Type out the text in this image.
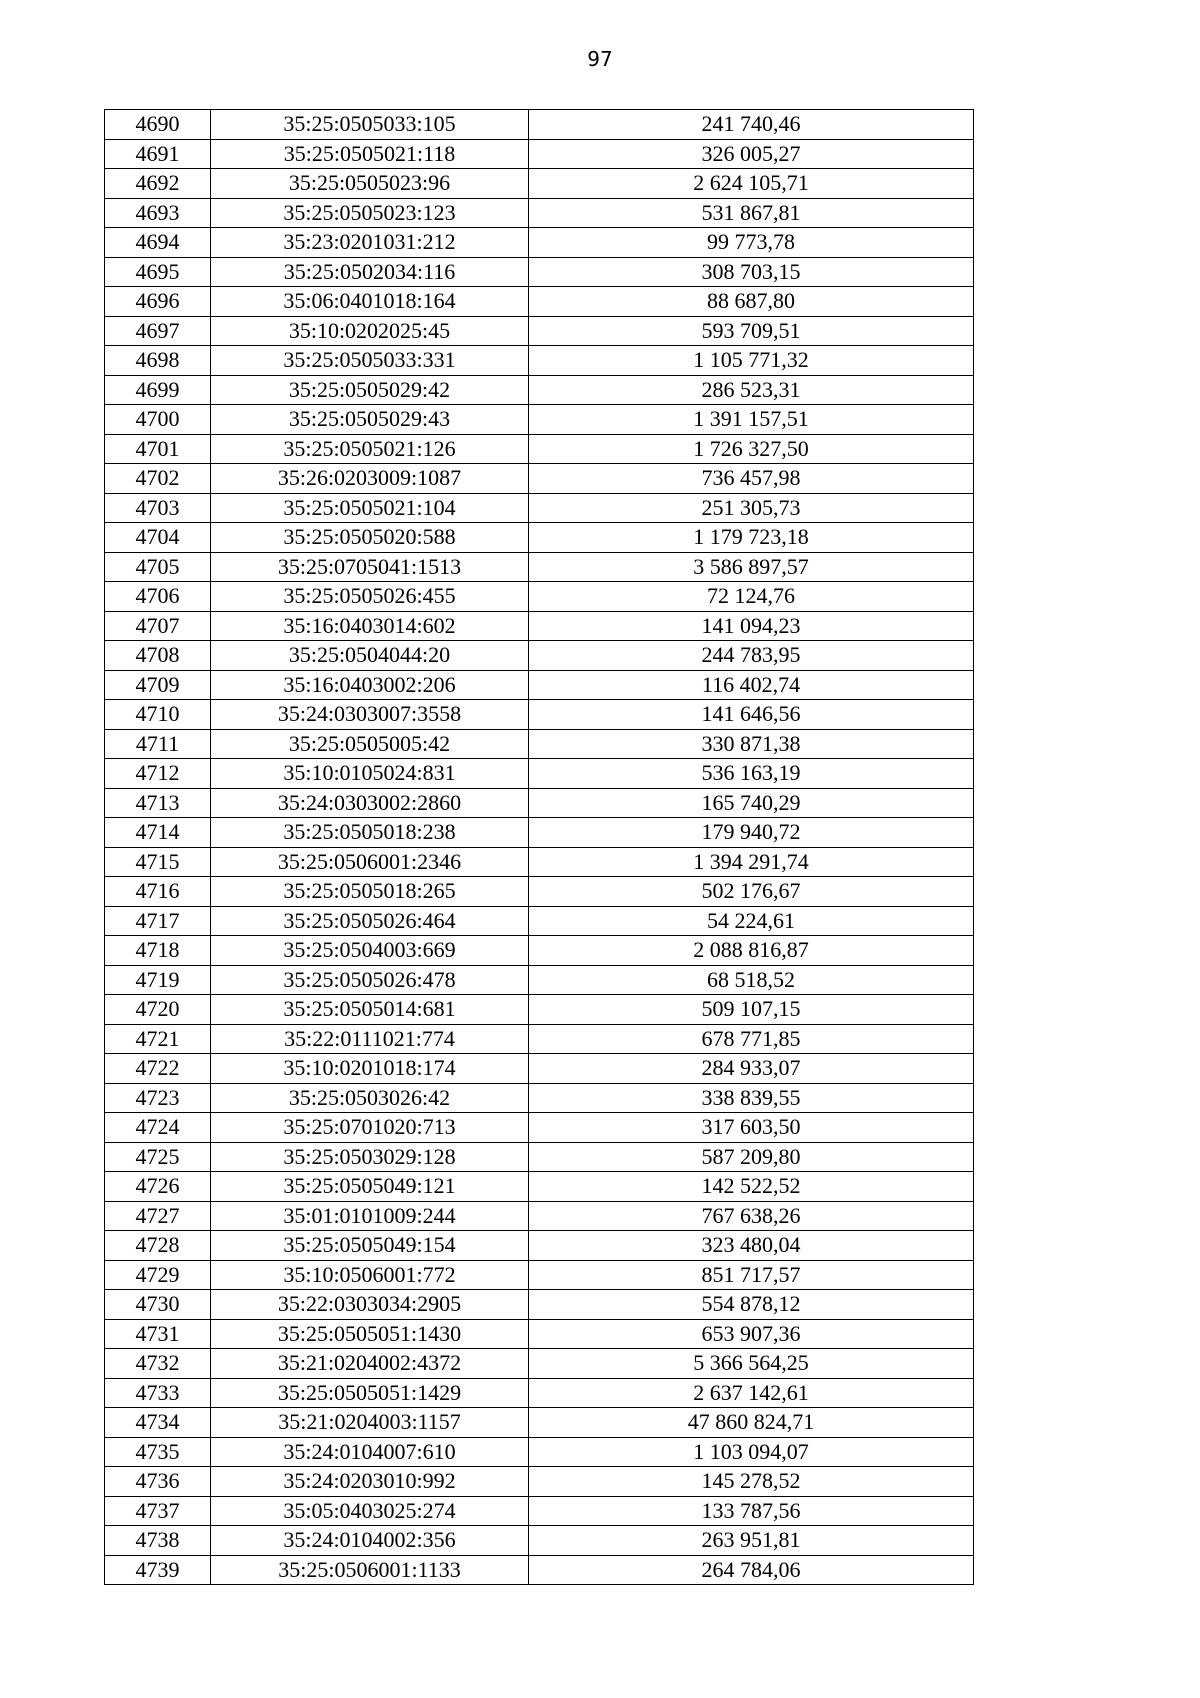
97
4690	35:25:0505033:105	241 740,46
4691	35:25:0505021:118	326 005,27
4692	35:25:0505023:96	2 624 105,71
4693	35:25:0505023:123	531 867,81
4694	35:23:0201031:212	99 773,78
4695	35:25:0502034:116	308 703,15
4696	35:06:0401018:164	88 687,80
4697	35:10:0202025:45	593 709,51
4698	35:25:0505033:331	1 105 771,32
4699	35:25:0505029:42	286 523,31
4700	35:25:0505029:43	1 391 157,51
4701	35:25:0505021:126	1 726 327,50
4702	35:26:0203009:1087	736 457,98
4703	35:25:0505021:104	251 305,73
4704	35:25:0505020:588	1 179 723,18
4705	35:25:0705041:1513	3 586 897,57
4706	35:25:0505026:455	72 124,76
4707	35:16:0403014:602	141 094,23
4708	35:25:0504044:20	244 783,95
4709	35:16:0403002:206	116 402,74
4710	35:24:0303007:3558	141 646,56
4711	35:25:0505005:42	330 871,38
4712	35:10:0105024:831	536 163,19
4713	35:24:0303002:2860	165 740,29
4714	35:25:0505018:238	179 940,72
4715	35:25:0506001:2346	1 394 291,74
4716	35:25:0505018:265	502 176,67
4717	35:25:0505026:464	54 224,61
4718	35:25:0504003:669	2 088 816,87
4719	35:25:0505026:478	68 518,52
4720	35:25:0505014:681	509 107,15
4721	35:22:0111021:774	678 771,85
4722	35:10:0201018:174	284 933,07
4723	35:25:0503026:42	338 839,55
4724	35:25:0701020:713	317 603,50
4725	35:25:0503029:128	587 209,80
4726	35:25:0505049:121	142 522,52
4727	35:01:0101009:244	767 638,26
4728	35:25:0505049:154	323 480,04
4729	35:10:0506001:772	851 717,57
4730	35:22:0303034:2905	554 878,12
4731	35:25:0505051:1430	653 907,36
4732	35:21:0204002:4372	5 366 564,25
4733	35:25:0505051:1429	2 637 142,61
4734	35:21:0204003:1157	47 860 824,71
4735	35:24:0104007:610	1 103 094,07
4736	35:24:0203010:992	145 278,52
4737	35:05:0403025:274	133 787,56
4738	35:24:0104002:356	263 951,81
4739	35:25:0506001:1133	264 784,06
